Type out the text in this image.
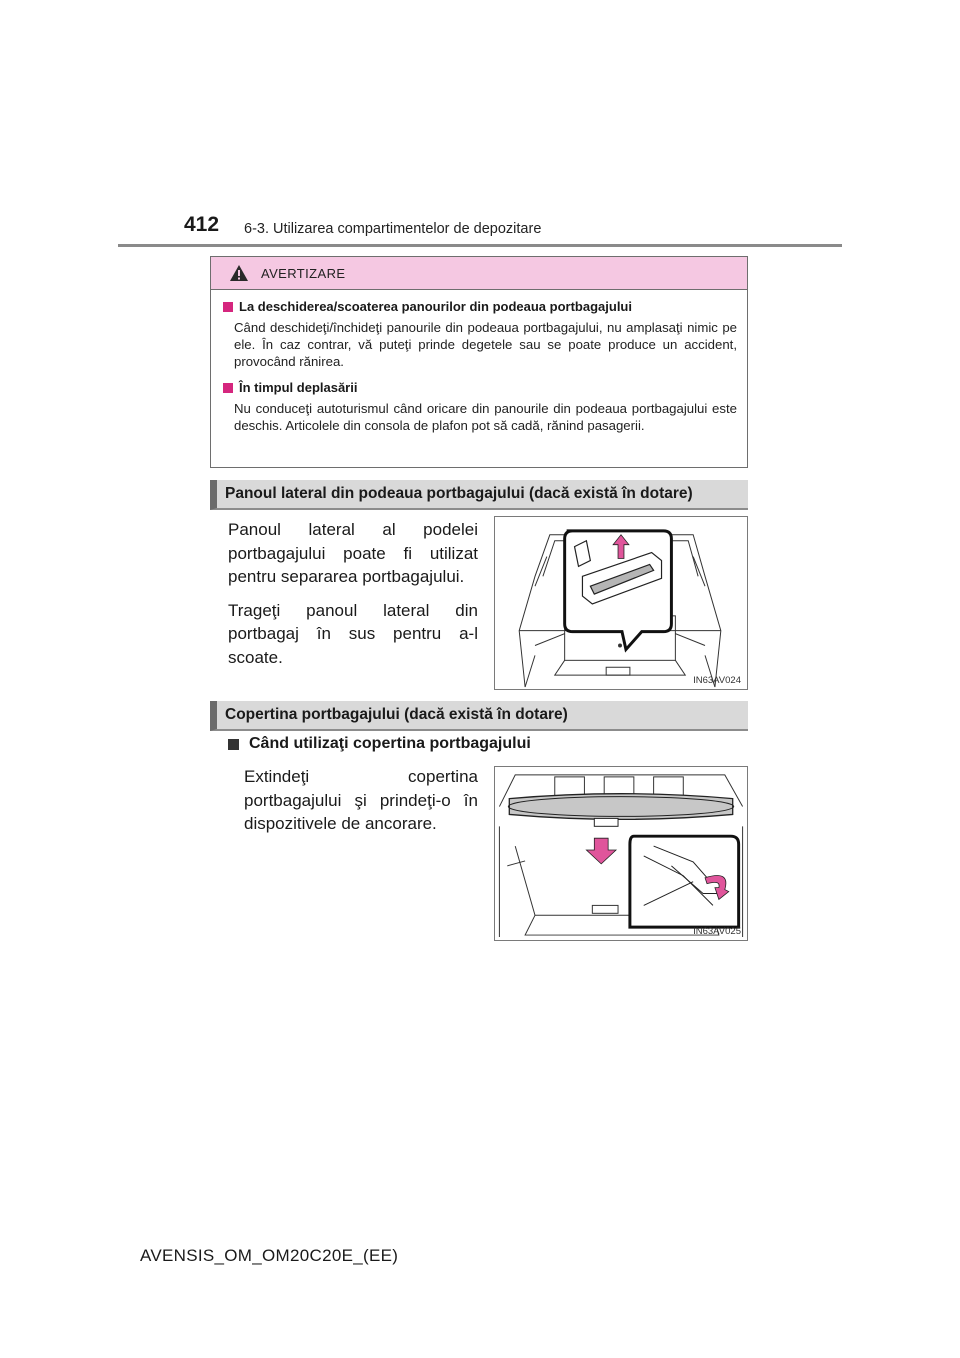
412 6-3. Utilizarea compartimentelor de depozitare
AVERTIZARE
La deschiderea/scoaterea panourilor din podeaua portbagajului
Când deschideţi/închideţi panourile din podeaua portbagajului, nu amplasaţi nimic pe ele. În caz contrar, vă puteţi prinde degetele sau se poate produce un accident, provocând rănirea.
În timpul deplasării
Nu conduceţi autoturismul când oricare din panourile din podeaua portbagajului este deschis. Articolele din consola de plafon pot să cadă, rănind pasagerii.
Panoul lateral din podeaua portbagajului (dacă există în dotare)

Panoul lateral al podelei portbagajului poate fi utilizat pentru separarea portbagajului.

Trageţi panoul lateral din portbagaj în sus pentru a-l scoate.

IN63AV024
Copertina portbagajului (dacă există în dotare)
Când utilizaţi copertina portbagajului

Extindeţi copertina portbagajului şi prindeţi-o în dispozitivele de ancorare.

IN63AV025
AVENSIS_OM_OM20C20E_(EE)
